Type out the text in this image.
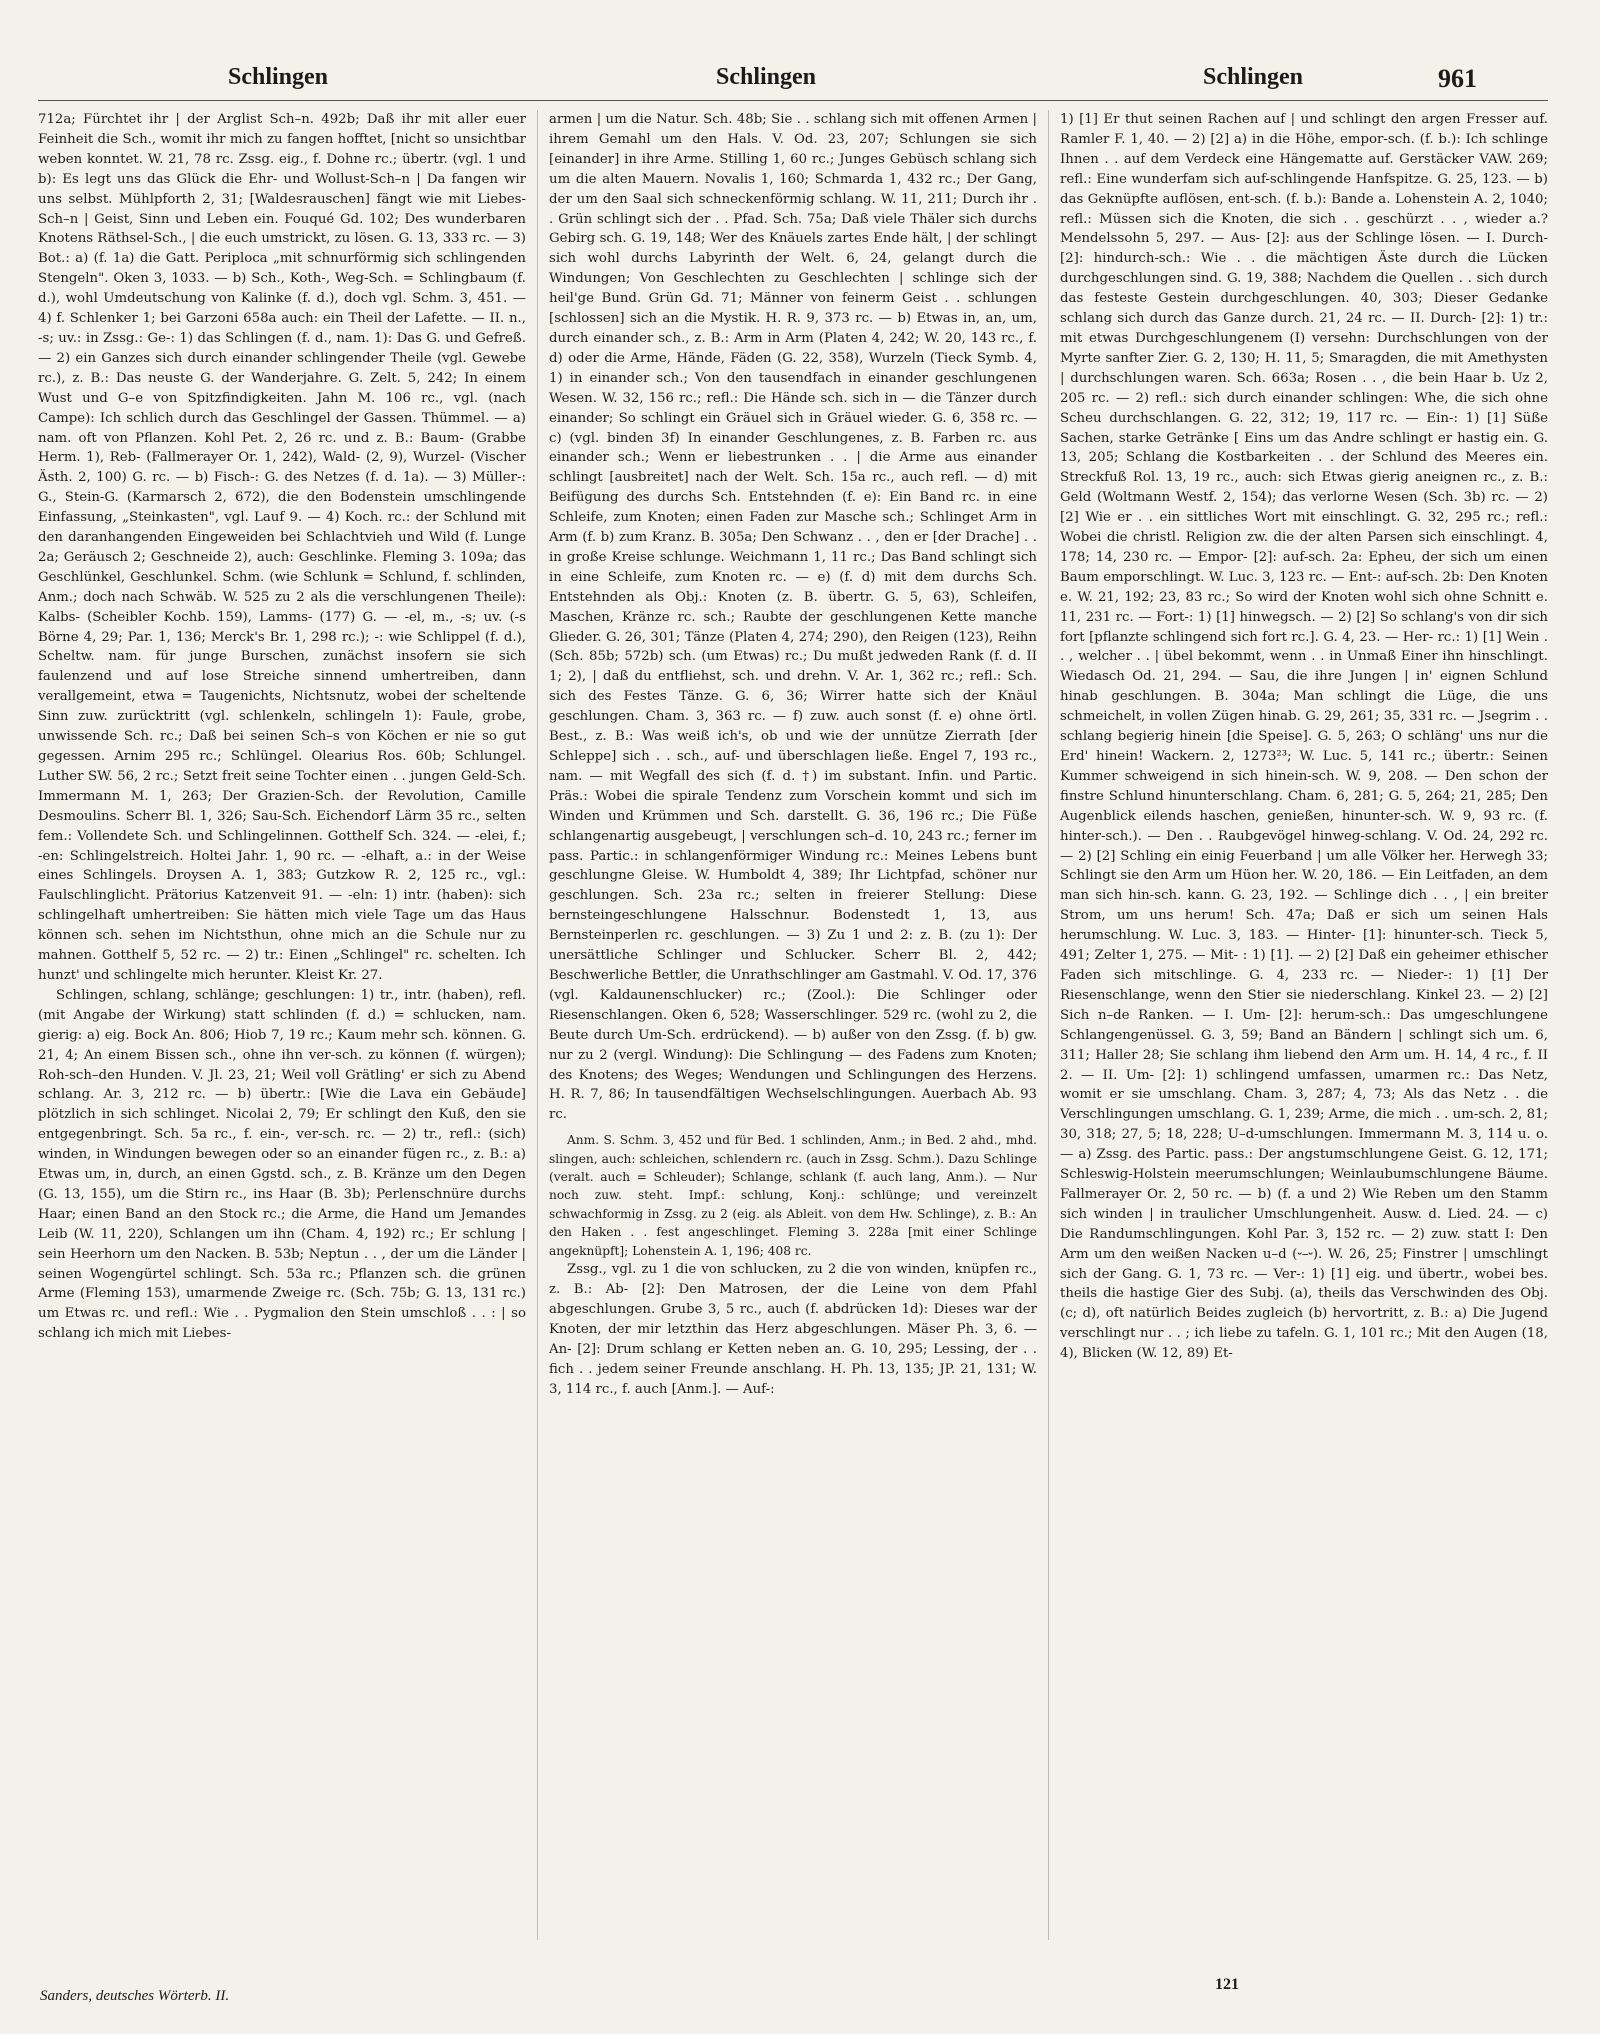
Schlingen	Schlingen	Schlingen	961

712a; Fürchtet ihr | der Arglist Sch–n. 492b; Daß ihr mit aller euer Feinheit die Sch., womit ihr mich zu fangen hofftet, [nicht so unsichtbar weben konntet. W. 21, 78 rc. Zssg. eig., f. Dohne rc.; übertr. (vgl. 1 und b): Es legt uns das Glück die Ehr- und Wollust-Sch–n | Da fangen wir uns selbst. Mühlpforth 2, 31; [Waldesrauschen] fängt wie mit Liebes-Sch–n | Geist, Sinn und Leben ein. Fouqué Gd. 102; Des wunderbaren Knotens Räthsel-Sch., | die euch umstrickt, zu lösen. G. 13, 333 rc. — 3) Bot.: a) (f. 1a) die Gatt. Periploca „mit schnurförmig sich schlingenden Stengeln". Oken 3, 1033. — b) Sch., Koth-, Weg-Sch. = Schlingbaum (f. d.), wohl Umdeutschung von Kalinke (f. d.), doch vgl. Schm. 3, 451. — 4) f. Schlenker 1; bei Garzoni 658a auch: ein Theil der Lafette. — II. n., -s; uv.: in Zssg.: Ge-: 1) das Schlingen (f. d., nam. 1): Das G. und Gefreß. — 2) ein Ganzes sich durch einander schlingender Theile (vgl. Gewebe rc.), z. B.: Das neuste G. der Wanderjahre. G. Zelt. 5, 242; In einem Wust und G–e von Spitzfindigkeiten. Jahn M. 106 rc., vgl. (nach Campe): Ich schlich durch das Geschlingel der Gassen. Thümmel. — a) nam. oft von Pflanzen. Kohl Pet. 2, 26 rc. und z. B.: Baum- (Grabbe Herm. 1), Reb- (Fallmerayer Or. 1, 242), Wald- (2, 9), Wurzel- (Vischer Ästh. 2, 100) G. rc. — b) Fisch-: G. des Netzes (f. d. 1a). — 3) Müller-: G., Stein-G. (Karmarsch 2, 672), die den Bodenstein umschlingende Einfassung, „Steinkasten", vgl. Lauf 9. — 4) Koch. rc.: der Schlund mit den daranhangenden Eingeweiden bei Schlachtvieh und Wild (f. Lunge 2a; Geräusch 2; Geschneide 2), auch: Geschlinke. Fleming 3. 109a; das Geschlünkel, Geschlunkel. Schm. (wie Schlunk = Schlund, f. schlinden, Anm.; doch nach Schwäb. W. 525 zu 2 als die verschlungenen Theile): Kalbs- (Scheibler Kochb. 159), Lamms- (177) G. — -el, m., -s; uv. (-s Börne 4, 29; Par. 1, 136; Merck's Br. 1, 298 rc.); -: wie Schlippel (f. d.), Scheltw. nam. für junge Burschen, zunächst insofern sie sich faulenzend und auf lose Streiche sinnend umhertreiben, dann verallgemeint, etwa = Taugenichts, Nichtsnutz, wobei der scheltende Sinn zuw. zurücktritt (vgl. schlenkeln, schlingeln 1): Faule, grobe, unwissende Sch. rc.; Daß bei seinen Sch–s von Köchen er nie so gut gegessen. Arnim 295 rc.; Schlüngel. Olearius Ros. 60b; Schlungel. Luther SW. 56, 2 rc.; Setzt freit seine Tochter einen . . jungen Geld-Sch. Immermann M. 1, 263; Der Grazien-Sch. der Revolution, Camille Desmoulins. Scherr Bl. 1, 326; Sau-Sch. Eichendorf Lärm 35 rc., selten fem.: Vollendete Sch. und Schlingelinnen. Gotthelf Sch. 324. — -elei, f.; -en: Schlingelstreich. Holtei Jahr. 1, 90 rc. — -elhaft, a.: in der Weise eines Schlingels. Droysen A. 1, 383; Gutzkow R. 2, 125 rc., vgl.: Faulschlinglicht. Prätorius Katzenveit 91. — -eln: 1) intr. (haben): sich schlingelhaft umhertreiben: Sie hätten mich viele Tage um das Haus können sch. sehen im Nichtsthun, ohne mich an die Schule nur zu mahnen. Gotthelf 5, 52 rc. — 2) tr.: Einen „Schlingel" rc. schelten. Ich hunzt' und schlingelte mich herunter. Kleist Kr. 27.

Schlingen, schlang, schlänge; geschlungen: 1) tr., intr. (haben), refl. (mit Angabe der Wirkung) statt schlinden (f. d.) = schlucken, nam. gierig: a) eig. Bock An. 806; Hiob 7, 19 rc.; Kaum mehr sch. können. G. 21, 4; An einem Bissen sch., ohne ihn ver-sch. zu können (f. würgen); Roh-sch–den Hunden. V. Jl. 23, 21; Weil voll Grätling' er sich zu Abend schlang. Ar. 3, 212 rc. — b) übertr.: [Wie die Lava ein Gebäude] plötzlich in sich schlinget. Nicolai 2, 79; Er schlingt den Kuß, den sie entgegenbringt. Sch. 5a rc., f. ein-, ver-sch. rc. — 2) tr., refl.: (sich) winden, in Windungen bewegen oder so an einander fügen rc., z. B.: a) Etwas um, in, durch, an einen Ggstd. sch., z. B. Kränze um den Degen (G. 13, 155), um die Stirn rc., ins Haar (B. 3b); Perlenschnüre durchs Haar; einen Band an den Stock rc.; die Arme, die Hand um Jemandes Leib (W. 11, 220), Schlangen um ihn (Cham. 4, 192) rc.; Er schlung | sein Heerhorn um den Nacken. B. 53b; Neptun . . , der um die Länder | seinen Wogengürtel schlingt. Sch. 53a rc.; Pflanzen sch. die grünen Arme (Fleming 153), umarmende Zweige rc. (Sch. 75b; G. 13, 131 rc.) um Etwas rc. und refl.: Wie . . Pygmalion den Stein umschloß . . : | so schlang ich mich mit Liebes-

armen | um die Natur. Sch. 48b; Sie . . schlang sich mit offenen Armen | ihrem Gemahl um den Hals. V. Od. 23, 207; Schlungen sie sich [einander] in ihre Arme. Stilling 1, 60 rc.; Junges Gebüsch schlang sich um die alten Mauern. Novalis 1, 160; Schmarda 1, 432 rc.; Der Gang, der um den Saal sich schneckenförmig schlang. W. 11, 211; Durch ihr . . Grün schlingt sich der . . Pfad. Sch. 75a; Daß viele Thäler sich durchs Gebirg sch. G. 19, 148; Wer des Knäuels zartes Ende hält, | der schlingt sich wohl durchs Labyrinth der Welt. 6, 24, gelangt durch die Windungen; Von Geschlechten zu Geschlechten | schlinge sich der heil'ge Bund. Grün Gd. 71; Männer von feinerm Geist . . schlungen [schlossen] sich an die Mystik. H. R. 9, 373 rc. — b) Etwas in, an, um, durch einander sch., z. B.: Arm in Arm (Platen 4, 242; W. 20, 143 rc., f. d) oder die Arme, Hände, Fäden (G. 22, 358), Wurzeln (Tieck Symb. 4, 1) in einander sch.; Von den tausendfach in einander geschlungenen Wesen. W. 32, 156 rc.; refl.: Die Hände sch. sich in — die Tänzer durch einander; So schlingt ein Gräuel sich in Gräuel wieder. G. 6, 358 rc. — c) (vgl. binden 3f) In einander Geschlungenes, z. B. Farben rc. aus einander sch.; Wenn er liebestrunken . . | die Arme aus einander schlingt [ausbreitet] nach der Welt. Sch. 15a rc., auch refl. — d) mit Beifügung des durchs Sch. Entstehnden (f. e): Ein Band rc. in eine Schleife, zum Knoten; einen Faden zur Masche sch.; Schlinget Arm in Arm (f. b) zum Kranz. B. 305a; Den Schwanz . . , den er [der Drache] . . in große Kreise schlunge. Weichmann 1, 11 rc.; Das Band schlingt sich in eine Schleife, zum Knoten rc. — e) (f. d) mit dem durchs Sch. Entstehnden als Obj.: Knoten (z. B. übertr. G. 5, 63), Schleifen, Maschen, Kränze rc. sch.; Raubte der geschlungenen Kette manche Glieder. G. 26, 301; Tänze (Platen 4, 274; 290), den Reigen (123), Reihn (Sch. 85b; 572b) sch. (um Etwas) rc.; Du mußt jedweden Rank (f. d. II 1; 2), | daß du entfliehst, sch. und drehn. V. Ar. 1, 362 rc.; refl.: Sch. sich des Festes Tänze. G. 6, 36; Wirrer hatte sich der Knäul geschlungen. Cham. 3, 363 rc. — f) zuw. auch sonst (f. e) ohne örtl. Best., z. B.: Was weiß ich's, ob und wie der unnütze Zierrath [der Schleppe] sich . . sch., auf- und überschlagen ließe. Engel 7, 193 rc., nam. — mit Wegfall des sich (f. d. †) im substant. Infin. und Partic. Präs.: Wobei die spirale Tendenz zum Vorschein kommt und sich im Winden und Krümmen und Sch. darstellt. G. 36, 196 rc.; Die Füße schlangenartig ausgebeugt, | verschlungen sch–d. 10, 243 rc.; ferner im pass. Partic.: in schlangenförmiger Windung rc.: Meines Lebens bunt geschlungne Gleise. W. Humboldt 4, 389; Ihr Lichtpfad, schöner nur geschlungen. Sch. 23a rc.; selten in freierer Stellung: Diese bernsteingeschlungene Halsschnur. Bodenstedt 1, 13, aus Bernsteinperlen rc. geschlungen. — 3) Zu 1 und 2: z. B. (zu 1): Der unersättliche Schlinger und Schlucker. Scherr Bl. 2, 442; Beschwerliche Bettler, die Unrathschlinger am Gastmahl. V. Od. 17, 376 (vgl. Kaldaunenschlucker) rc.; (Zool.): Die Schlinger oder Riesenschlangen. Oken 6, 528; Wasserschlinger. 529 rc. (wohl zu 2, die Beute durch Um-Sch. erdrückend). — b) außer von den Zssg. (f. b) gw. nur zu 2 (vergl. Windung): Die Schlingung — des Fadens zum Knoten; des Knotens; des Weges; Wendungen und Schlingungen des Herzens. H. R. 7, 86; In tausendfältigen Wechselschlingungen. Auerbach Ab. 93 rc.

Anm. S. Schm. 3, 452 und für Bed. 1 schlinden, Anm.; in Bed. 2 ahd., mhd. slingen, auch: schleichen, schlendern rc. (auch in Zssg. Schm.). Dazu Schlinge (veralt. auch = Schleuder); Schlange, schlank (f. auch lang, Anm.). — Nur noch zuw. steht. Impf.: schlung, Konj.: schlünge; und vereinzelt schwachformig in Zssg. zu 2 (eig. als Ableit. von dem Hw. Schlinge), z. B.: An den Haken . . fest angeschlinget. Fleming 3. 228a [mit einer Schlinge angeknüpft]; Lohenstein A. 1, 196; 408 rc.

Zssg., vgl. zu 1 die von schlucken, zu 2 die von winden, knüpfen rc., z. B.: Ab- [2]: Den Matrosen, der die Leine von dem Pfahl abgeschlungen. Grube 3, 5 rc., auch (f. abdrücken 1d): Dieses war der Knoten, der mir letzthin das Herz abgeschlungen. Mäser Ph. 3, 6. — An- [2]: Drum schlang er Ketten neben an. G. 10, 295; Lessing, der . . fich . . jedem seiner Freunde anschlang. H. Ph. 13, 135; JP. 21, 131; W. 3, 114 rc., f. auch [Anm.]. — Auf-:

1) [1] Er thut seinen Rachen auf | und schlingt den argen Fresser auf. Ramler F. 1, 40. — 2) [2] a) in die Höhe, empor-sch. (f. b.): Ich schlinge Ihnen . . auf dem Verdeck eine Hängematte auf. Gerstäcker VAW. 269; refl.: Eine wunderfam sich auf-schlingende Hanfspitze. G. 25, 123. — b) das Geknüpfte auflösen, ent-sch. (f. b.): Bande a. Lohenstein A. 2, 1040; refl.: Müssen sich die Knoten, die sich . . geschürzt . . , wieder a.? Mendelssohn 5, 297. — Aus- [2]: aus der Schlinge lösen. — I. Durch- [2]: hindurch-sch.: Wie . . die mächtigen Äste durch die Lücken durchgeschlungen sind. G. 19, 388; Nachdem die Quellen . . sich durch das festeste Gestein durchgeschlungen. 40, 303; Dieser Gedanke schlang sich durch das Ganze durch. 21, 24 rc. — II. Durch- [2]: 1) tr.: mit etwas Durchgeschlungenem (I) versehn: Durchschlungen von der Myrte sanfter Zier. G. 2, 130; H. 11, 5; Smaragden, die mit Amethysten | durchschlungen waren. Sch. 663a; Rosen . . , die bein Haar b. Uz 2, 205 rc. — 2) refl.: sich durch einander schlingen: Whe, die sich ohne Scheu durchschlangen. G. 22, 312; 19, 117 rc. — Ein-: 1) [1] Süße Sachen, starke Getränke [ Eins um das Andre schlingt er hastig ein. G. 13, 205; Schlang die Kostbarkeiten . . der Schlund des Meeres ein. Streckfuß Rol. 13, 19 rc., auch: sich Etwas gierig aneignen rc., z. B.: Geld (Woltmann Westf. 2, 154); das verlorne Wesen (Sch. 3b) rc. — 2) [2] Wie er . . ein sittliches Wort mit einschlingt. G. 32, 295 rc.; refl.: Wobei die christl. Religion zw. die der alten Parsen sich einschlingt. 4, 178; 14, 230 rc. — Empor- [2]: auf-sch. 2a: Epheu, der sich um einen Baum emporschlingt. W. Luc. 3, 123 rc. — Ent-: auf-sch. 2b: Den Knoten e. W. 21, 192; 23, 83 rc.; So wird der Knoten wohl sich ohne Schnitt e. 11, 231 rc. — Fort-: 1) [1] hinwegsch. — 2) [2] So schlang's von dir sich fort [pflanzte schlingend sich fort rc.]. G. 4, 23. — Her- rc.: 1) [1] Wein . . , welcher . . | übel bekommt, wenn . . in Unmaß Einer ihn hinschlingt. Wiedasch Od. 21, 294. — Sau, die ihre Jungen | in' eignen Schlund hinab geschlungen. B. 304a; Man schlingt die Lüge, die uns schmeichelt, in vollen Zügen hinab. G. 29, 261; 35, 331 rc. — Jsegrim . . schlang begierig hinein [die Speise]. G. 5, 263; O schläng' uns nur die Erd' hinein! Wackern. 2, 1273²³; W. Luc. 5, 141 rc.; übertr.: Seinen Kummer schweigend in sich hinein-sch. W. 9, 208. — Den schon der finstre Schlund hinunterschlang. Cham. 6, 281; G. 5, 264; 21, 285; Den Augenblick eilends haschen, genießen, hinunter-sch. W. 9, 93 rc. (f. hinter-sch.). — Den . . Raubgevögel hinweg-schlang. V. Od. 24, 292 rc. — 2) [2] Schling ein einig Feuerband | um alle Völker her. Herwegh 33; Schlingt sie den Arm um Hüon her. W. 20, 186. — Ein Leitfaden, an dem man sich hin-sch. kann. G. 23, 192. — Schlinge dich . . , | ein breiter Strom, um uns herum! Sch. 47a; Daß er sich um seinen Hals herumschlung. W. Luc. 3, 183. — Hinter- [1]: hinunter-sch. Tieck 5, 491; Zelter 1, 275. — Mit- : 1) [1]. — 2) [2] Daß ein geheimer ethischer Faden sich mitschlinge. G. 4, 233 rc. — Nieder-: 1) [1] Der Riesenschlange, wenn den Stier sie niederschlang. Kinkel 23. — 2) [2] Sich n–de Ranken. — I. Um- [2]: herum-sch.: Das umgeschlungene Schlangengenüssel. G. 3, 59; Band an Bändern | schlingt sich um. 6, 311; Haller 28; Sie schlang ihm liebend den Arm um. H. 14, 4 rc., f. II 2. — II. Um- [2]: 1) schlingend umfassen, umarmen rc.: Das Netz, womit er sie umschlang. Cham. 3, 287; 4, 73; Als das Netz . . die Verschlingungen umschlang. G. 1, 239; Arme, die mich . . um-sch. 2, 81; 30, 318; 27, 5; 18, 228; U–d-umschlungen. Immermann M. 3, 114 u. o. — a) Zssg. des Partic. pass.: Der angstumschlungene Geist. G. 12, 171; Schleswig-Holstein meerumschlungen; Weinlaubumschlungene Bäume. Fallmerayer Or. 2, 50 rc. — b) (f. a und 2) Wie Reben um den Stamm sich winden | in traulicher Umschlungenheit. Ausw. d. Lied. 24. — c) Die Randumschlingungen. Kohl Par. 3, 152 rc. — 2) zuw. statt I: Den Arm um den weißen Nacken u–d (⏑–⏑). W. 26, 25; Finstrer | umschlingt sich der Gang. G. 1, 73 rc. — Ver-: 1) [1] eig. und übertr., wobei bes. theils die hastige Gier des Subj. (a), theils das Verschwinden des Obj. (c; d), oft natürlich Beides zugleich (b) hervortritt, z. B.: a) Die Jugend verschlingt nur . . ; ich liebe zu tafeln. G. 1, 101 rc.; Mit den Augen (18, 4), Blicken (W. 12, 89) Et-

Sanders, deutsches Wörterb. II.
121
